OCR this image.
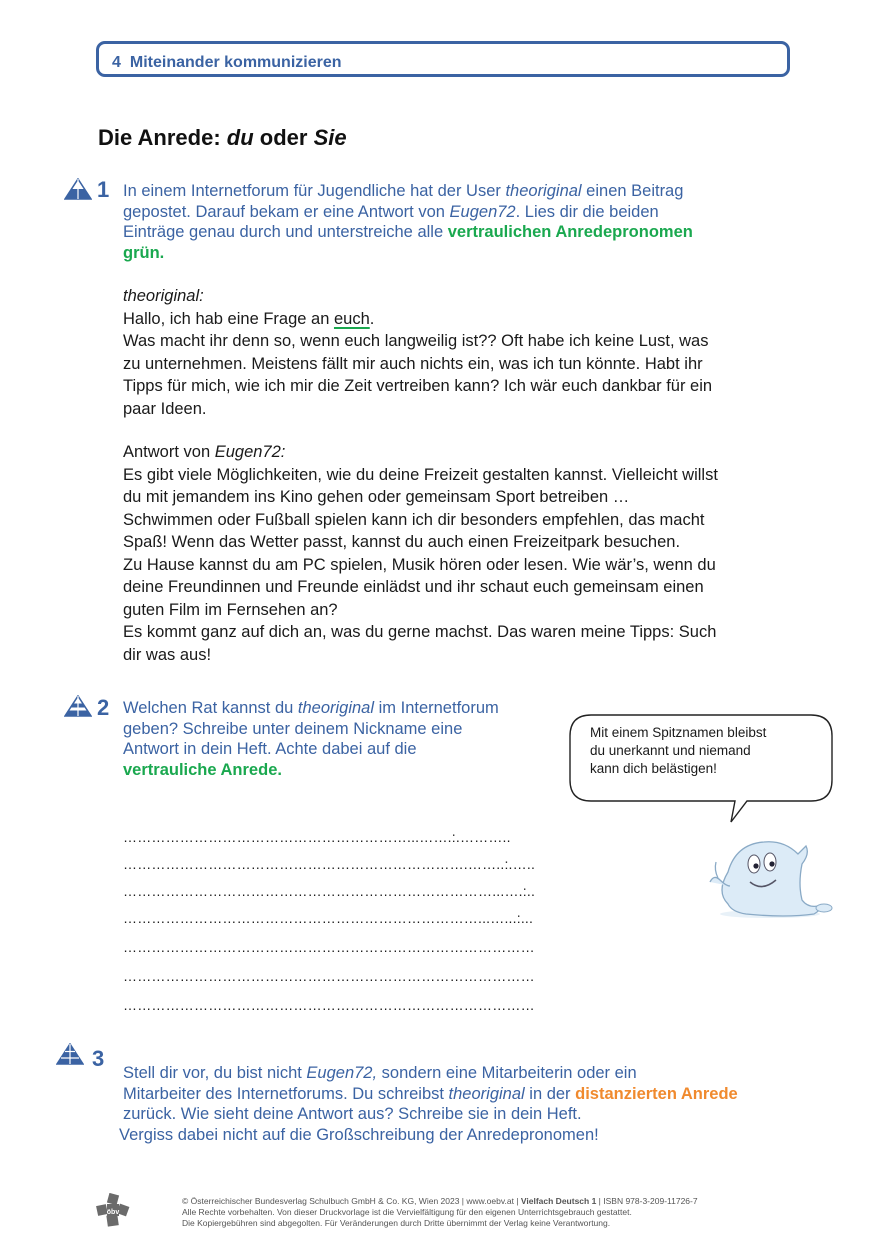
4 Miteinander kommunizieren
Die Anrede: du oder Sie
1 In einem Internetforum für Jugendliche hat der User theoriginal einen Beitrag
gepostet. Darauf bekam er eine Antwort von Eugen72. Lies dir die beiden
Einträge genau durch und unterstreiche alle vertraulichen Anredepronomen
grün.
theoriginal:
Hallo, ich hab eine Frage an euch.
Was macht ihr denn so, wenn euch langweilig ist?? Oft habe ich keine Lust, was
zu unternehmen. Meistens fällt mir auch nichts ein, was ich tun könnte. Habt ihr
Tipps für mich, wie ich mir die Zeit vertreiben kann? Ich wär euch dankbar für ein
paar Ideen.
Antwort von Eugen72:
Es gibt viele Möglichkeiten, wie du deine Freizeit gestalten kannst. Vielleicht willst
du mit jemandem ins Kino gehen oder gemeinsam Sport betreiben …
Schwimmen oder Fußball spielen kann ich dir besonders empfehlen, das macht
Spaß! Wenn das Wetter passt, kannst du auch einen Freizeitpark besuchen.
Zu Hause kannst du am PC spielen, Musik hören oder lesen. Wie wär’s, wenn du
deine Freundinnen und Freunde einlädst und ihr schaut euch gemeinsam einen
guten Film im Fernsehen an?
Es kommt ganz auf dich an, was du gerne machst. Das waren meine Tipps: Such
dir was aus!
2 Welchen Rat kannst du theoriginal im Internetforum
geben? Schreibe unter deinem Nickname eine
Antwort in dein Heft. Achte dabei auf die
vertrauliche Anrede.
Mit einem Spitznamen bleibst
du unerkannt und niemand
kann dich belästigen!
……………………………………………………...…….:.………..
……………………………………………………………….……..:.…..
……………………………………………………………………...….:..
…………………………………………………………………...…...:...
……………………………………………………………………………
……………………………………………………………………………
……………………………………………………………………………
3
Stell dir vor, du bist nicht Eugen72, sondern eine Mitarbeiterin oder ein
Mitarbeiter des Internetforums. Du schreibst theoriginal in der distanzierten Anrede
zurück. Wie sieht deine Antwort aus? Schreibe sie in dein Heft.
Vergiss dabei nicht auf die Großschreibung der Anredepronomen!
öbv
© Österreichischer Bundesverlag Schulbuch GmbH & Co. KG, Wien 2023 | www.oebv.at | Vielfach Deutsch 1 | ISBN 978-3-209-11726-7
Alle Rechte vorbehalten. Von dieser Druckvorlage ist die Vervielfältigung für den eigenen Unterrichtsgebrauch gestattet.
Die Kopiergebühren sind abgegolten. Für Veränderungen durch Dritte übernimmt der Verlag keine Verantwortung.
